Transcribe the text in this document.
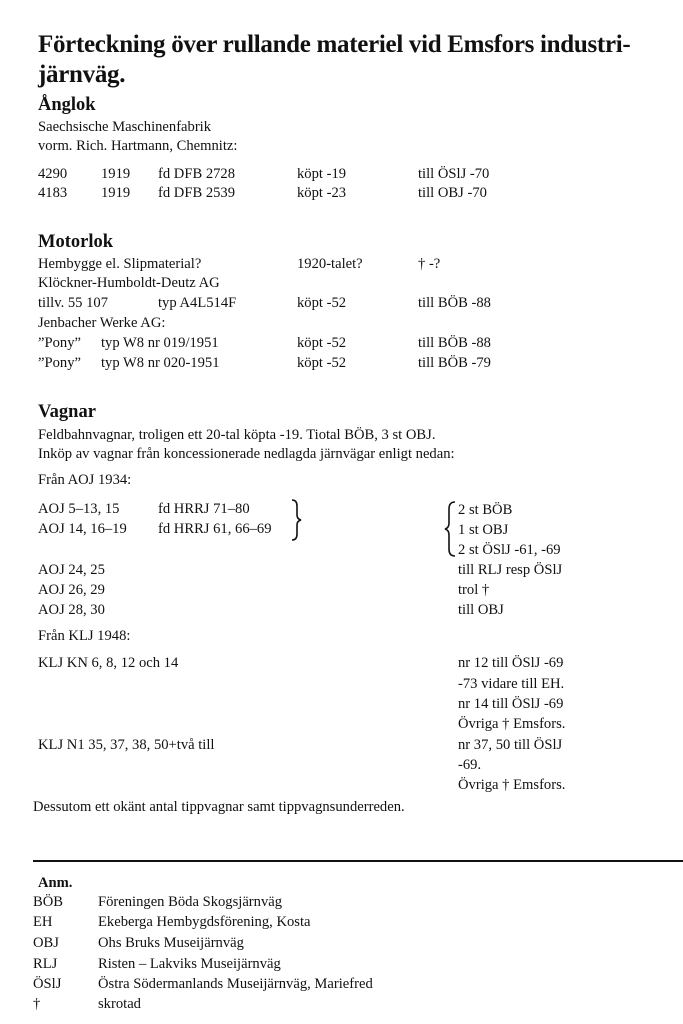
Förteckning över rullande materiel vid Emsfors industri-
järnväg.
Ånglok
Saechsische Maschinenfabrik
vorm. Rich. Hartmann, Chemnitz:
4290 1919 fd DFB 2728	köpt -19	till ÖSlJ -70
4183 1919 fd DFB 2539	köpt -23	till OBJ -70
Motorlok
Hembygge el. Slipmaterial?	1920-talet?	† -?
Klöckner-Humboldt-Deutz AG
tillv. 55 107	typ A4L514F	köpt -52	till BÖB -88
Jenbacher Werke AG:
”Pony” typ W8 nr 019/1951	köpt -52	till BÖB -88
”Pony” typ W8 nr 020-1951	köpt -52	till BÖB -79
Vagnar
Feldbahnvagnar, troligen ett 20-tal köpta -19. Tiotal BÖB, 3 st OBJ.
Inköp av vagnar från koncessionerade nedlagda järnvägar enligt nedan:
Från AOJ 1934:
AOJ 5–13, 15	fd HRRJ 71–80
AOJ 14, 16–19 fd HRRJ 61, 66–69
2 st BÖB
1 st OBJ
2 st ÖSlJ -61, -69
AOJ 24, 25	till RLJ resp ÖSlJ
AOJ 26, 29	trol †
AOJ 28, 30	till OBJ
Från KLJ 1948:
KLJ KN 6, 8, 12 och 14	nr 12 till ÖSlJ -69
-73 vidare till EH.
nr 14 till ÖSlJ -69
Övriga † Emsfors.
KLJ N1 35, 37, 38, 50+två till	nr 37, 50 till ÖSlJ
-69.
Övriga † Emsfors.
Dessutom ett okänt antal tippvagnar samt tippvagnsunderreden.
Anm.
BÖB Föreningen Böda Skogsjärnväg
EH	Ekeberga Hembygdsförening, Kosta
OBJ	Ohs Bruks Museijärnväg
RLJ	Risten – Lakviks Museijärnväg
ÖSlJ	Östra Södermanlands Museijärnväg, Mariefred
†	skrotad
